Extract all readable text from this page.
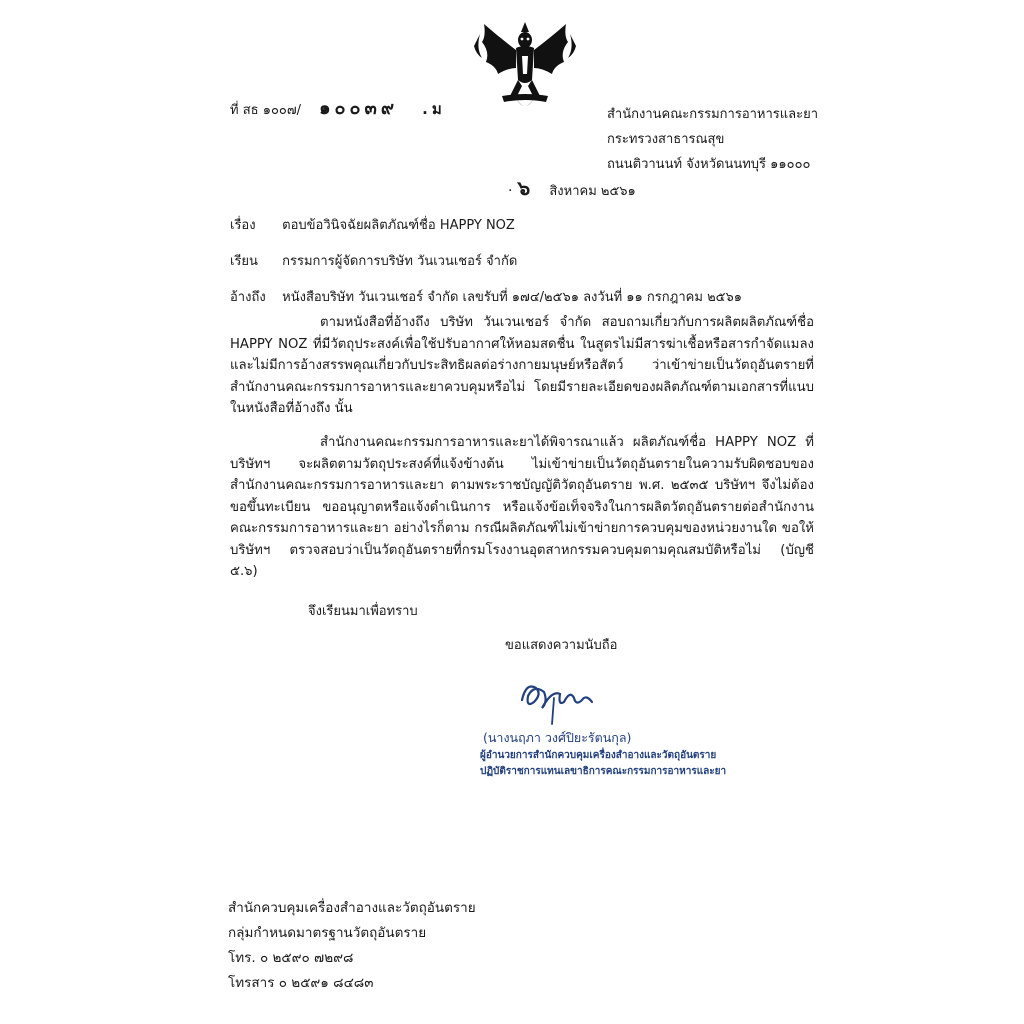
ที่ สธ ๑๐๐๗/ ๑๐๐๓๙ .ม	สำนักงานคณะกรรมการอาหารและยา
กระทรวงสาธารณสุข
ถนนติวานนท์ จังหวัดนนทบุรี ๑๑๐๐๐
· ๖ สิงหาคม ๒๕๖๑
เรื่อง ตอบข้อวินิจฉัยผลิตภัณฑ์ชื่อ HAPPY NOZ
เรียน กรรมการผู้จัดการบริษัท วันเวนเชอร์ จำกัด
อ้างถึง หนังสือบริษัท วันเวนเชอร์ จำกัด เลขรับที่ ๑๗๔/๒๕๖๑ ลงวันที่ ๑๑ กรกฎาคม ๒๕๖๑
ตามหนังสือที่อ้างถึง บริษัท วันเวนเชอร์ จำกัด สอบถามเกี่ยวกับการผลิตผลิตภัณฑ์ชื่อ HAPPY NOZ ที่มีวัตถุประสงค์เพื่อใช้ปรับอากาศให้หอมสดชื่น ในสูตรไม่มีสารฆ่าเชื้อหรือสารกำจัดแมลงและไม่มีการอ้างสรรพคุณเกี่ยวกับประสิทธิผลต่อร่างกายมนุษย์หรือสัตว์ ว่าเข้าข่ายเป็นวัตถุอันตรายที่สำนักงานคณะกรรมการอาหารและยาควบคุมหรือไม่ โดยมีรายละเอียดของผลิตภัณฑ์ตามเอกสารที่แนบในหนังสือที่อ้างถึง นั้น
สำนักงานคณะกรรมการอาหารและยาได้พิจารณาแล้ว ผลิตภัณฑ์ชื่อ HAPPY NOZ ที่บริษัทฯ จะผลิตตามวัตถุประสงค์ที่แจ้งข้างต้น ไม่เข้าข่ายเป็นวัตถุอันตรายในความรับผิดชอบของสำนักงานคณะกรรมการอาหารและยา ตามพระราชบัญญัติวัตถุอันตราย พ.ศ. ๒๕๓๕ บริษัทฯ จึงไม่ต้องขอขึ้นทะเบียน ขออนุญาตหรือแจ้งดำเนินการ หรือแจ้งข้อเท็จจริงในการผลิตวัตถุอันตรายต่อสำนักงานคณะกรรมการอาหารและยา อย่างไรก็ตาม กรณีผลิตภัณฑ์ไม่เข้าข่ายการควบคุมของหน่วยงานใด ขอให้บริษัทฯ ตรวจสอบว่าเป็นวัตถุอันตรายที่กรมโรงงานอุตสาหกรรมควบคุมตามคุณสมบัติหรือไม่ (บัญชี ๕.๖)
จึงเรียนมาเพื่อทราบ
ขอแสดงความนับถือ
(นางนฤภา วงศ์ปิยะรัตนกุล)
ผู้อำนวยการสำนักควบคุมเครื่องสำอางและวัตถุอันตราย
ปฏิบัติราชการแทนเลขาธิการคณะกรรมการอาหารและยา
สำนักควบคุมเครื่องสำอางและวัตถุอันตราย
กลุ่มกำหนดมาตรฐานวัตถุอันตราย
โทร. ๐ ๒๕๙๐ ๗๒๙๘
โทรสาร ๐ ๒๕๙๑ ๘๔๘๓
